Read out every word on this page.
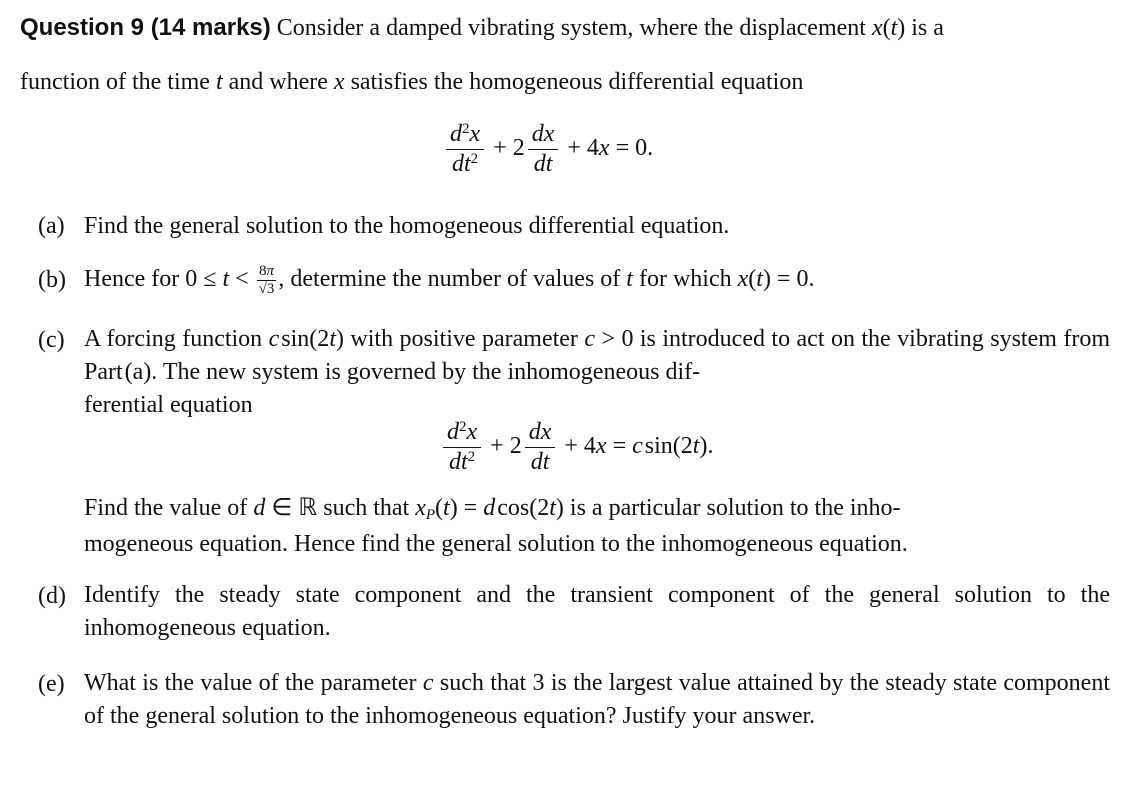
Question 9 (14 marks) Consider a damped vibrating system, where the displacement x(t) is a
function of the time t and where x satisfies the homogeneous differential equation
$\frac{d^2x}{dt^2} + 2 \frac{dx}{dt} + 4x = 0$.
(a) Find the general solution to the homogeneous differential equation.
(b) Hence for $0 \le t < \frac{8\pi}{√3}$ , determine the number of values of t for which x(t) = 0.
(c) A forcing function c sin(2t) with positive parameter c > 0 is introduced to act on the vibrating system from Part (a). The new system is governed by the inhomogeneous dif-
ferential equation
$\frac{d^2x}{dt^2} + 2 \frac{dx}{dt} + 4x = c$ sin(2t).
Find the value of d ∈ ℝ such that xP(t) = d cos(2t) is a particular solution to the inho-
mogeneous equation. Hence find the general solution to the inhomogeneous equation.
(d) Identify the steady state component and the transient component of the general solution to the inhomogeneous equation.
(e) What is the value of the parameter c such that 3 is the largest value attained by the steady state component of the general solution to the inhomogeneous equation? Justify your answer.
